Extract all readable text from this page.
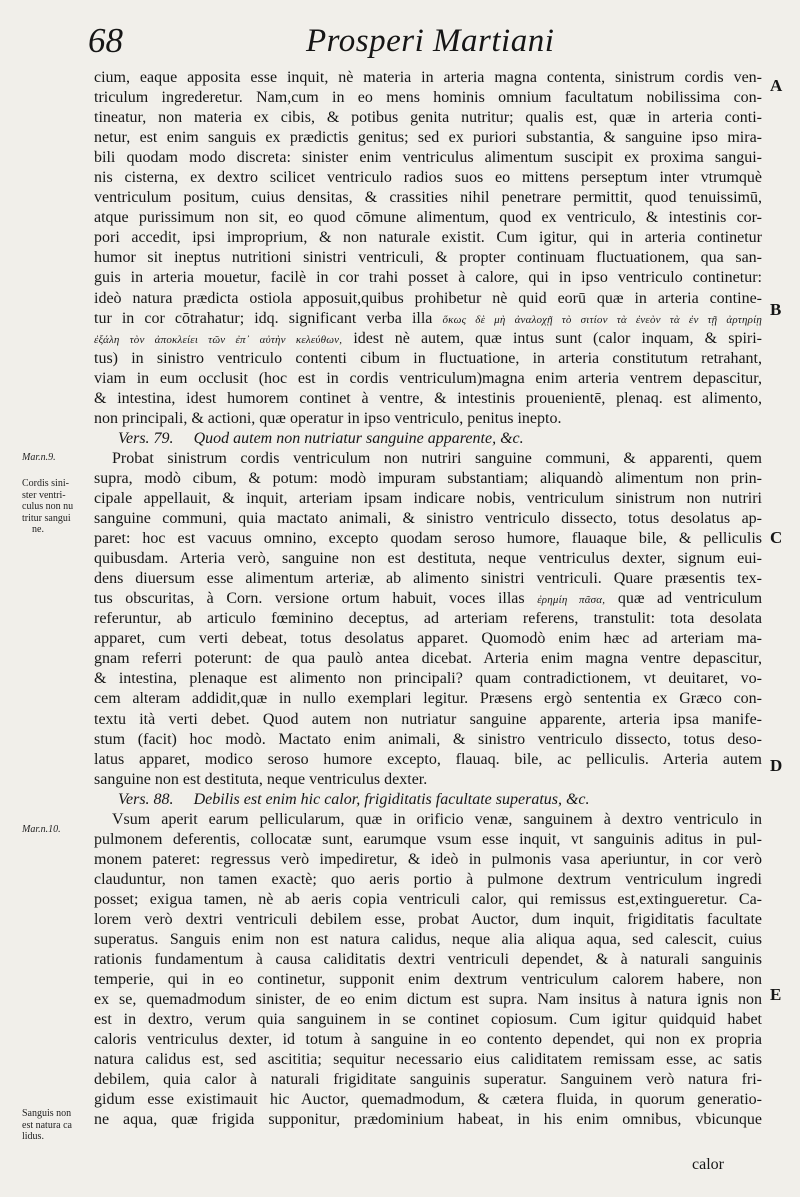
68	Prosperi Martiani
cium, eaque apposita esse inquit, nè materia in arteria magna contenta, sinistrum cordis ven-
triculum ingrederetur. Nam,cum in eo mens hominis omnium facultatum nobilissima con-
tineatur, non materia ex cibis, & potibus genita nutritur; qualis est, quæ in arteria conti-
netur, est enim sanguis ex prædictis genitus; sed ex puriori substantia, & sanguine ipso mira-
bili quodam modo discreta: sinister enim ventriculus alimentum suscipit ex proxima sangui-
nis cisterna, ex dextro scilicet ventriculo radios suos eo mittens perseptum inter vtrumquè
ventriculum positum, cuius densitas, & crassities nihil penetrare permittit, quod tenuissimū,
atque purissimum non sit, eo quod cōmune alimentum, quod ex ventriculo, & intestinis cor-
pori accedit, ipsi improprium, & non naturale existit. Cum igitur, qui in arteria continetur
humor sit ineptus nutritioni sinistri ventriculi, & propter continuam fluctuationem, qua san-
guis in arteria mouetur, facilè in cor trahi posset à calore, qui in ipso ventriculo continetur:
ideò natura prædicta ostiola apposuit,quibus prohibetur nè quid eorū quæ in arteria contine-
tur in cor cōtrahatur; idq. significant verba illa ὅκως δὲ μὴ ἀναλοχῇ τὸ σιτίον τὰ ἐνεὸν τὰ ἐν τῇ ἀρτηρίῃ
ἐξάλη τὸν ἀποκλείει τῶν ἐπ᾽ αὐτὴν κελεύθων, idest nè autem, quæ intus sunt (calor inquam, & spiri-
tus) in sinistro ventriculo contenti cibum in fluctuatione, in arteria constitutum retrahant,
viam in eum occlusit (hoc est in cordis ventriculum)magna enim arteria ventrem depascitur,
& intestina, idest humorem continet à ventre, & intestinis prouenientē, plenaq. est alimento,
non principali, & actioni, quæ operatur in ipso ventriculo, penitus inepto.
Vers. 79. Quod autem non nutriatur sanguine apparente, &c.
Probat sinistrum cordis ventriculum non nutriri sanguine communi, & apparenti, quem
supra, modò cibum, & potum: modò impuram substantiam; aliquandò alimentum non prin-
cipale appellauit, & inquit, arteriam ipsam indicare nobis, ventriculum sinistrum non nutriri
sanguine communi, quia mactato animali, & sinistro ventriculo dissecto, totus desolatus ap-
paret: hoc est vacuus omnino, excepto quodam seroso humore, flauaque bile, & pelliculis
quibusdam. Arteria verò, sanguine non est destituta, neque ventriculus dexter, signum eui-
dens diuersum esse alimentum arteriæ, ab alimento sinistri ventriculi. Quare præsentis tex-
tus obscuritas, à Corn. versione ortum habuit, voces illas ἐρημίη πᾶσα, quæ ad ventriculum
referuntur, ab articulo fœminino deceptus, ad arteriam referens, transtulit: tota desolata
apparet, cum verti debeat, totus desolatus apparet. Quomodò enim hæc ad arteriam ma-
gnam referri poterunt: de qua paulò antea dicebat. Arteria enim magna ventre depascitur,
& intestina, plenaque est alimento non principali? quam contradictionem, vt deuitaret, vo-
cem alteram addidit,quæ in nullo exemplari legitur. Præsens ergò sententia ex Græco con-
textu ità verti debet. Quod autem non nutriatur sanguine apparente, arteria ipsa manife-
stum (facit) hoc modò. Mactato enim animali, & sinistro ventriculo dissecto, totus deso-
latus apparet, modico seroso humore excepto, flauaq. bile, ac pelliculis. Arteria autem
sanguine non est destituta, neque ventriculus dexter.
Vers. 88. Debilis est enim hic calor, frigiditatis facultate superatus, &c.
Vsum aperit earum pellicularum, quæ in orificio venæ, sanguinem à dextro ventriculo in
pulmonem deferentis, collocatæ sunt, earumque vsum esse inquit, vt sanguinis aditus in pul-
monem pateret: regressus verò impediretur, & ideò in pulmonis vasa aperiuntur, in cor verò
clauduntur, non tamen exactè; quo aeris portio à pulmone dextrum ventriculum ingredi
posset; exigua tamen, nè ab aeris copia ventriculi calor, qui remissus est,extingueretur. Ca-
lorem verò dextri ventriculi debilem esse, probat Auctor, dum inquit, frigiditatis facultate
superatus. Sanguis enim non est natura calidus, neque alia aliqua aqua, sed calescit, cuius
rationis fundamentum à causa caliditatis dextri ventriculi dependet, & à naturali sanguinis
temperie, qui in eo continetur, supponit enim dextrum ventriculum calorem habere, non
ex se, quemadmodum sinister, de eo enim dictum est supra. Nam insitus à natura ignis non
est in dextro, verum quia sanguinem in se continet copiosum. Cum igitur quidquid habet
caloris ventriculus dexter, id totum à sanguine in eo contento dependet, qui non ex propria
natura calidus est, sed ascititia; sequitur necessario eius caliditatem remissam esse, ac satis
debilem, quia calor à naturali frigiditate sanguinis superatur. Sanguinem verò natura fri-
gidum esse existimauit hic Auctor, quemadmodum, & cætera fluida, in quorum generatio-
ne aqua, quæ frigida supponitur, prædominium habeat, in his enim omnibus, vbicunque
calor
Mar.n.9.
Cordis sini-
ster ventri-
culus non nu
tritur sangui
ne.
Mar.n.10.
Sanguis non
est natura ca
lidus.
A
B
C
D
E
